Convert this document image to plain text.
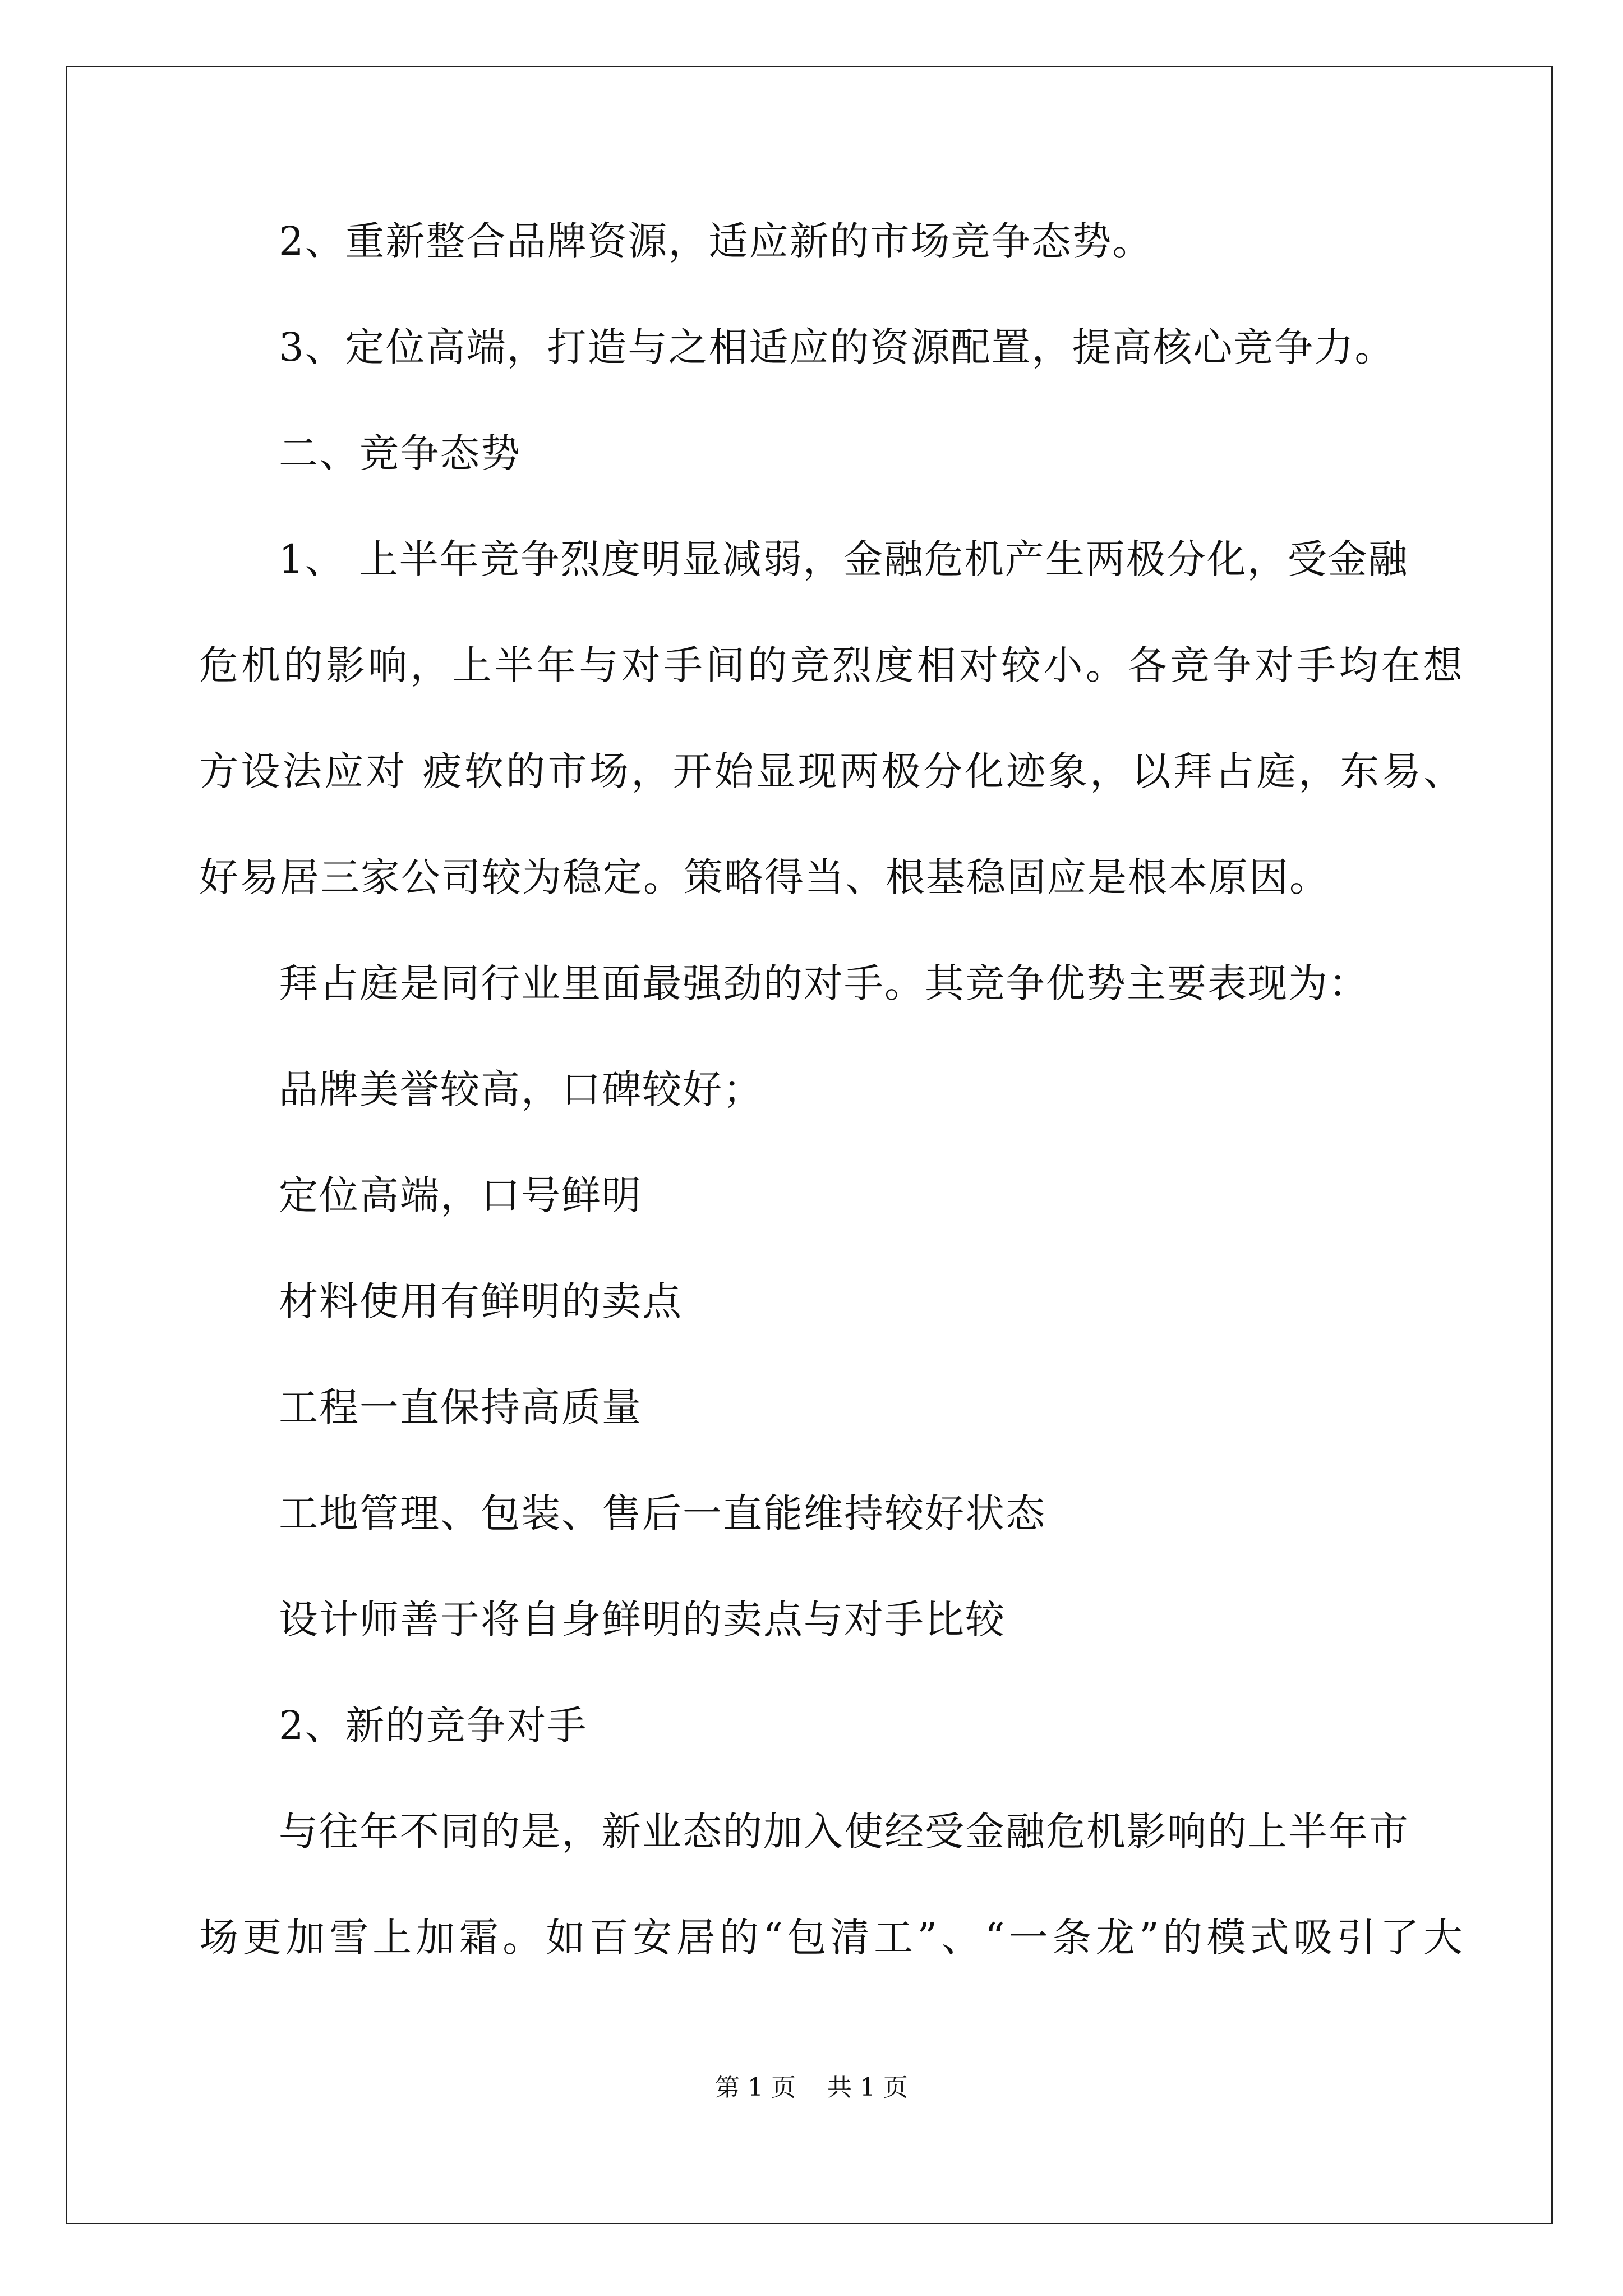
2、重新整合品牌资源，适应新的市场竞争态势。

3、定位高端，打造与之相适应的资源配置，提高核心竞争力。

二、竞争态势

1、 上半年竞争烈度明显减弱，金融危机产生两极分化，受金融

危机的影响，上半年与对手间的竞烈度相对较小。各竞争对手均在想

方设法应对 疲软的市场，开始显现两极分化迹象，以拜占庭，东易、

好易居三家公司较为稳定。策略得当、根基稳固应是根本原因。

拜占庭是同行业里面最强劲的对手。其竞争优势主要表现为：

品牌美誉较高，口碑较好；

定位高端，口号鲜明

材料使用有鲜明的卖点

工程一直保持高质量

工地管理、包装、售后一直能维持较好状态

设计师善于将自身鲜明的卖点与对手比较

2、新的竞争对手

与往年不同的是，新业态的加入使经受金融危机影响的上半年市

场更加雪上加霜。如百安居的“包清工”、“一条龙”的模式吸引了大

第 1 页    共 1 页
